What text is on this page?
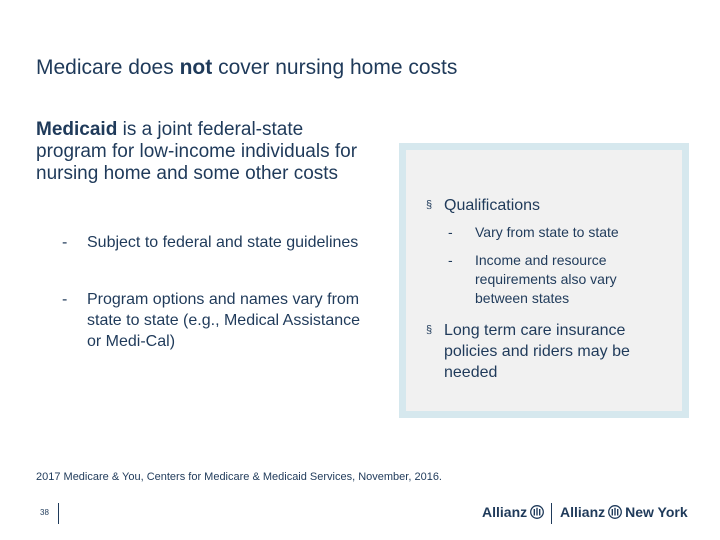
Medicare does not cover nursing home costs
Medicaid is a joint federal-state program for low-income individuals for nursing home and some other costs
-	Subject to federal and state guidelines
-	Program options and names vary from state to state (e.g., Medical Assistance or Medi-Cal)
§ Qualifications
-	Vary from state to state
-	Income and resource requirements also vary between states
§ Long term care insurance policies and riders may be needed
2017 Medicare & You, Centers for Medicare & Medicaid Services, November, 2016.
38	Allianz Allianz New York
